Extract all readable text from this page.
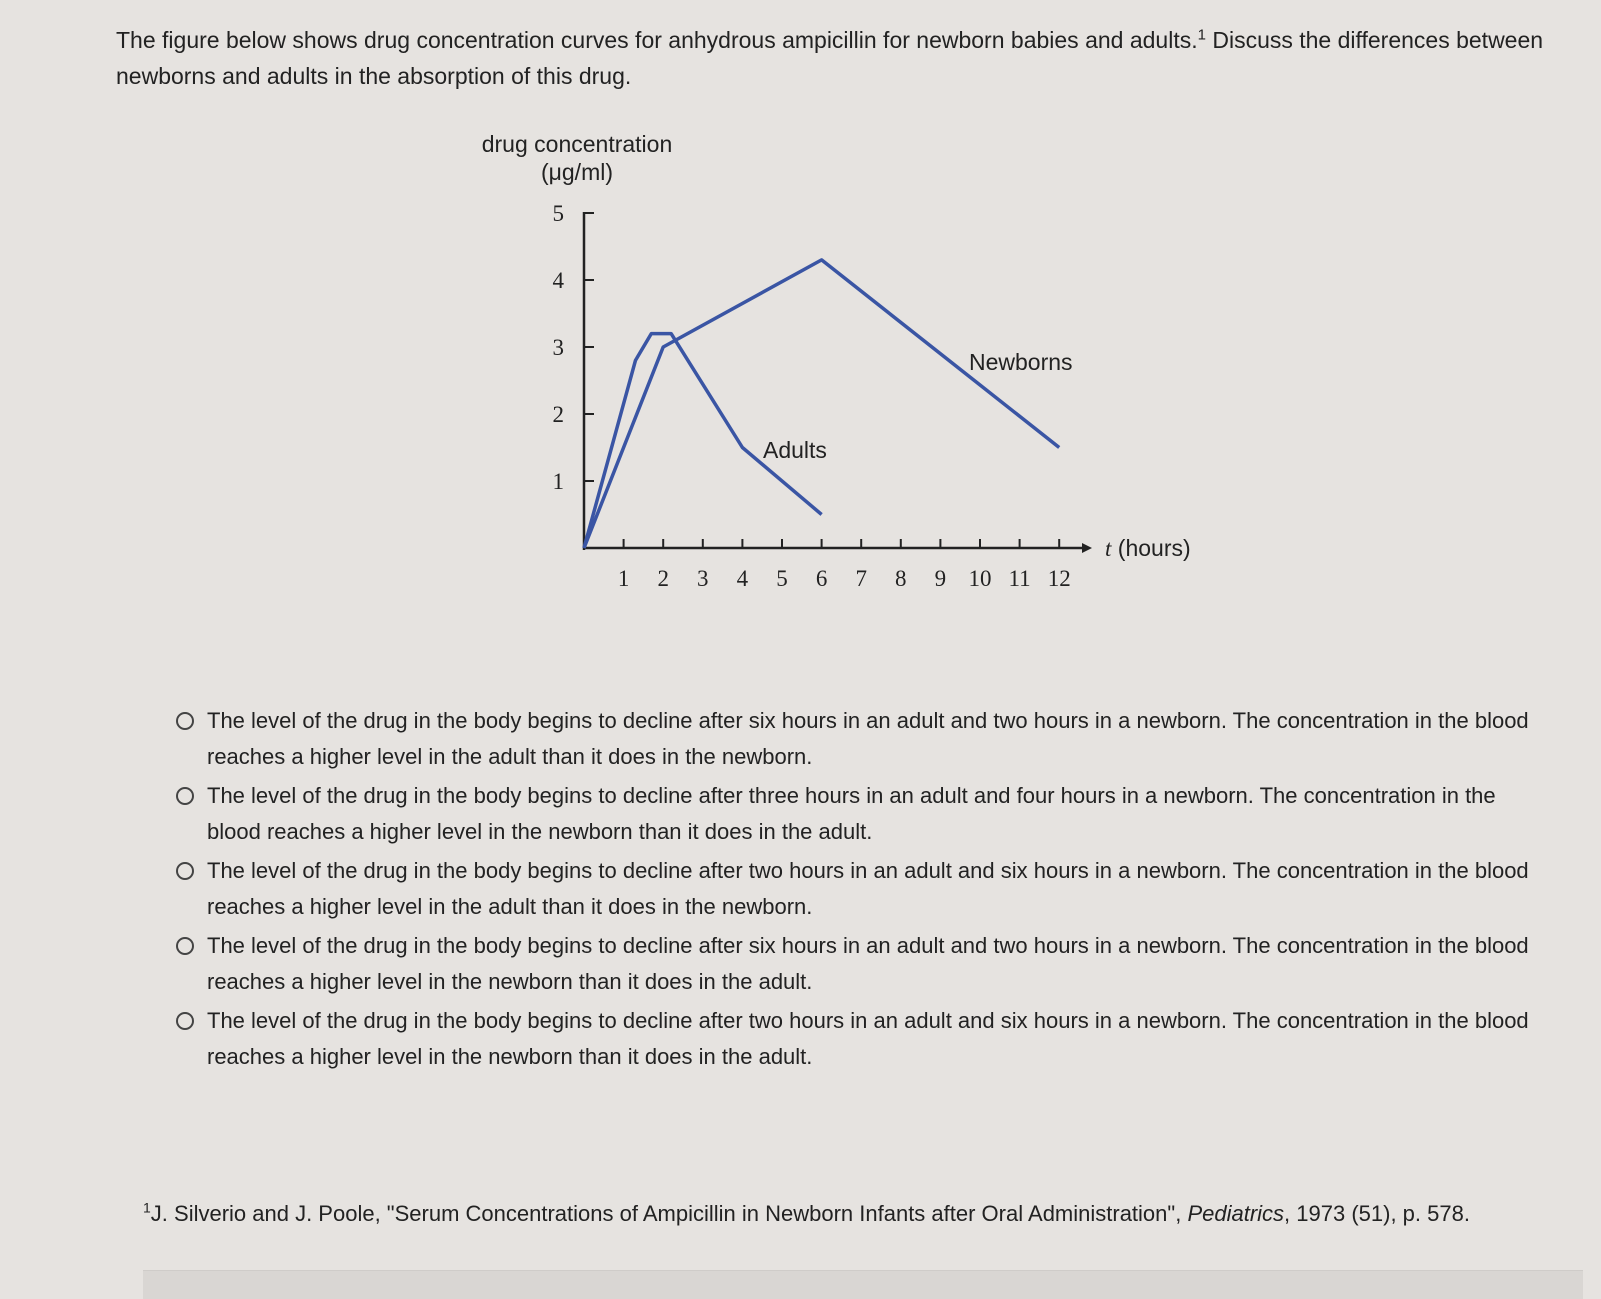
The figure below shows drug concentration curves for anhydrous ampicillin for newborn babies and adults.$^1$ Discuss the differences between newborns and adults in the absorption of this drug.
drug concentration
(μg/ml)
1 2 3 4 5 6 7 8 9 10 11 12
1
2
3
4
5
Adults
Newborns
t (hours)
The level of the drug in the body begins to decline after six hours in an adult and two hours in a newborn. The concentration in the blood reaches a higher level in the adult than it does in the newborn.
The level of the drug in the body begins to decline after three hours in an adult and four hours in a newborn. The concentration in the blood reaches a higher level in the newborn than it does in the adult.
The level of the drug in the body begins to decline after two hours in an adult and six hours in a newborn. The concentration in the blood reaches a higher level in the adult than it does in the newborn.
The level of the drug in the body begins to decline after six hours in an adult and two hours in a newborn. The concentration in the blood reaches a higher level in the newborn than it does in the adult.
The level of the drug in the body begins to decline after two hours in an adult and six hours in a newborn. The concentration in the blood reaches a higher level in the newborn than it does in the adult.
$^1$J. Silverio and J. Poole, "Serum Concentrations of Ampicillin in Newborn Infants after Oral Administration", Pediatrics, 1973 (51), p. 578.
